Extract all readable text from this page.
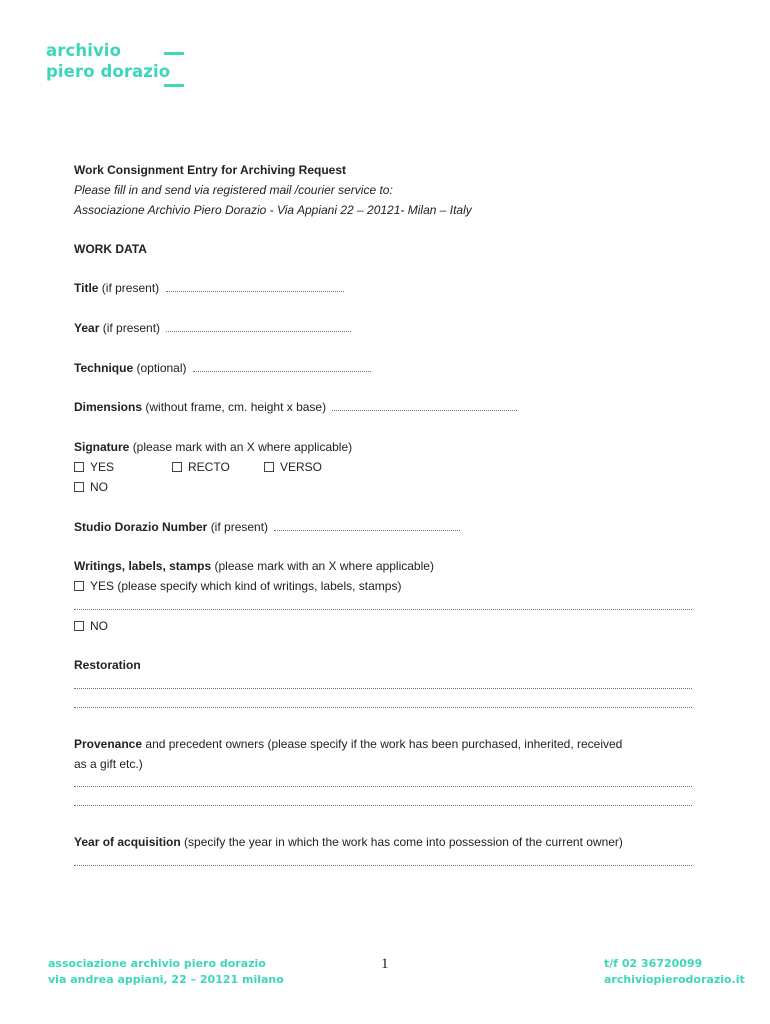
archivio
piero dorazio
Work Consignment Entry for Archiving Request
Please fill in and send via registered mail /courier service to:
Associazione Archivio Piero Dorazio - Via Appiani 22 – 20121- Milan – Italy
WORK DATA
Title (if present)
Year (if present)
Technique (optional)
Dimensions (without frame, cm. height x base)
Signature (please mark with an X where applicable)
YES	RECTO	VERSO
NO
Studio Dorazio Number (if present)
Writings, labels, stamps (please mark with an X where applicable)
YES (please specify which kind of writings, labels, stamps)
NO
Restoration
Provenance and precedent owners (please specify if the work has been purchased, inherited, received
as a gift etc.)
Year of acquisition (specify the year in which the work has come into possession of the current owner)
associazione archivio piero dorazio
via andrea appiani, 22 – 20121 milano
1	t/f 02 36720099
archiviopierodorazio.it
